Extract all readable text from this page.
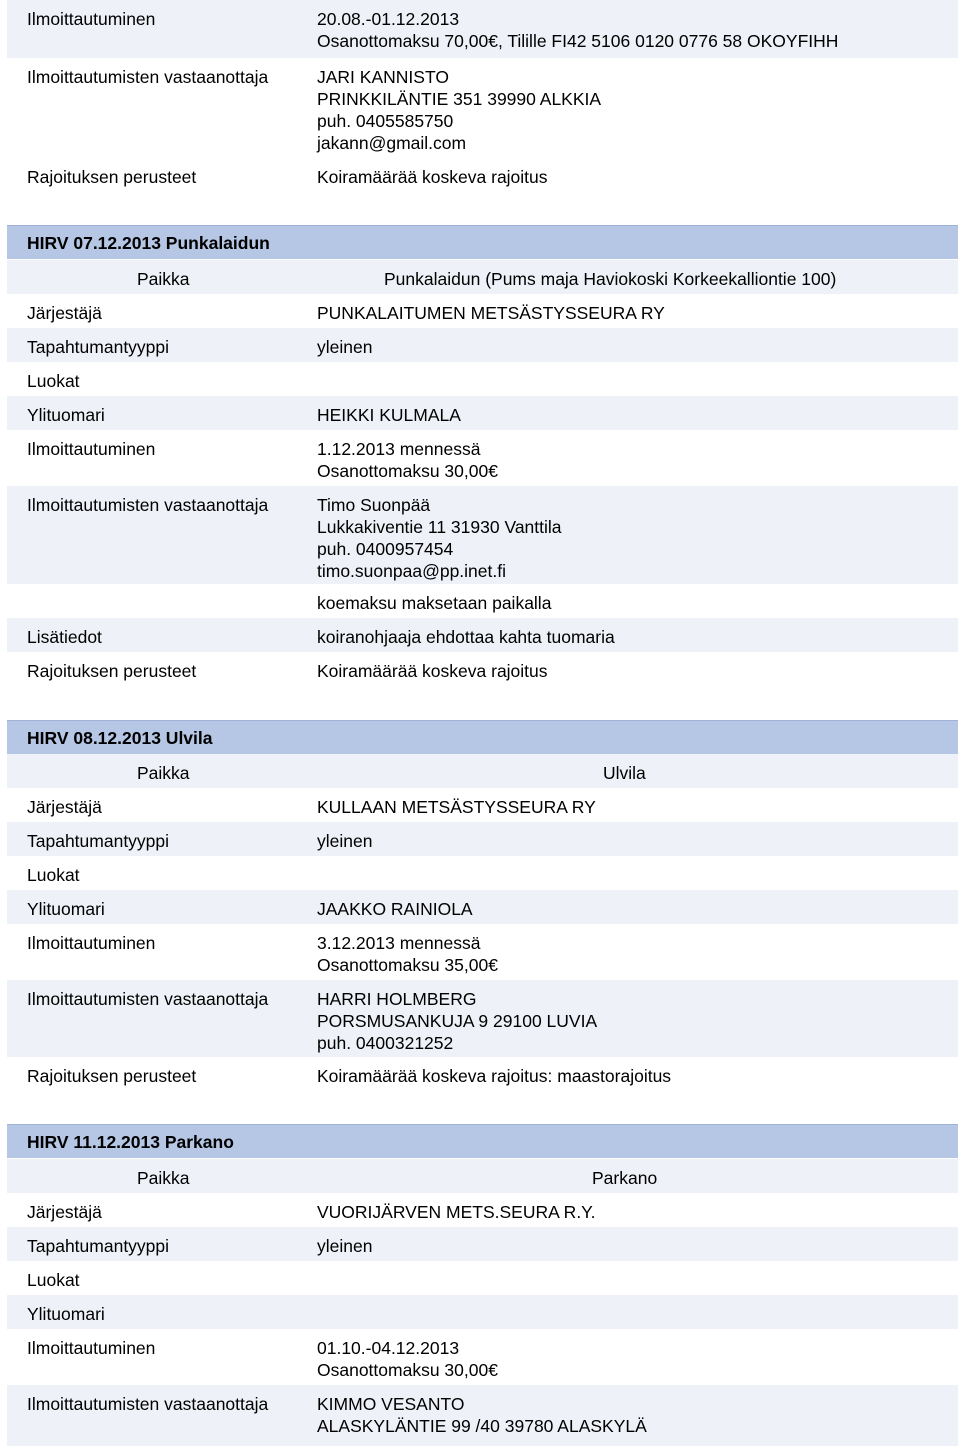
Ilmoittautuminen	20.08.-01.12.2013
Osanottomaksu 70,00€, Tilille FI42 5106 0120 0776 58 OKOYFIHH
Ilmoittautumisten vastaanottaja	JARI KANNISTO
PRINKKILÄNTIE 351 39990 ALKKIA
puh. 0405585750
jakann@gmail.com
Rajoituksen perusteet	Koiramäärää koskeva rajoitus
HIRV 07.12.2013 Punkalaidun
Paikka	Punkalaidun (Pums maja Haviokoski Korkeekalliontie 100)
Järjestäjä	PUNKALAITUMEN METSÄSTYSSEURA RY
Tapahtumantyyppi	yleinen
Luokat
Ylituomari	HEIKKI KULMALA
Ilmoittautuminen	1.12.2013 mennessä
Osanottomaksu 30,00€
Ilmoittautumisten vastaanottaja	Timo Suonpää
Lukkakiventie 11 31930 Vanttila
puh. 0400957454
timo.suonpaa@pp.inet.fi
koemaksu maksetaan paikalla
Lisätiedot	koiranohjaaja ehdottaa kahta tuomaria
Rajoituksen perusteet	Koiramäärää koskeva rajoitus
HIRV 08.12.2013 Ulvila
Paikka	Ulvila
Järjestäjä	KULLAAN METSÄSTYSSEURA RY
Tapahtumantyyppi	yleinen
Luokat
Ylituomari	JAAKKO RAINIOLA
Ilmoittautuminen	3.12.2013 mennessä
Osanottomaksu 35,00€
Ilmoittautumisten vastaanottaja	HARRI HOLMBERG
PORSMUSANKUJA 9 29100 LUVIA
puh. 0400321252
Rajoituksen perusteet	Koiramäärää koskeva rajoitus: maastorajoitus
HIRV 11.12.2013 Parkano
Paikka	Parkano
Järjestäjä	VUORIJÄRVEN METS.SEURA R.Y.
Tapahtumantyyppi	yleinen
Luokat
Ylituomari
Ilmoittautuminen	01.10.-04.12.2013
Osanottomaksu 30,00€
Ilmoittautumisten vastaanottaja	KIMMO VESANTO
ALASKYLÄNTIE 99 /40 39780 ALASKYLÄ
